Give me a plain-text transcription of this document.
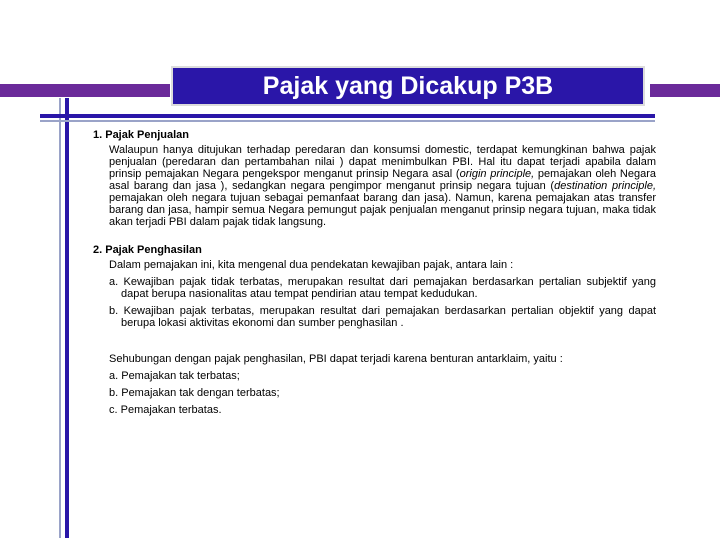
Pajak yang Dicakup P3B
1. Pajak Penjualan
Walaupun hanya ditujukan terhadap peredaran dan konsumsi domestic, terdapat kemungkinan bahwa pajak penjualan (peredaran dan pertambahan nilai ) dapat menimbulkan PBI. Hal itu dapat terjadi apabila dalam prinsip pemajakan Negara pengekspor menganut prinsip Negara asal (origin principle, pemajakan oleh Negara asal barang dan jasa ), sedangkan negara pengimpor menganut prinsip negara tujuan (destination principle, pemajakan oleh negara tujuan sebagai pemanfaat barang dan jasa). Namun, karena pemajakan atas transfer barang dan jasa, hampir semua Negara pemungut pajak penjualan menganut prinsip negara tujuan, maka tidak akan terjadi PBI dalam pajak tidak langsung.
2. Pajak Penghasilan
Dalam pemajakan ini, kita mengenal dua pendekatan kewajiban pajak, antara lain :
a. Kewajiban pajak tidak terbatas, merupakan resultat dari pemajakan berdasarkan pertalian subjektif yang dapat berupa nasionalitas atau tempat pendirian atau tempat kedudukan.
b. Kewajiban pajak terbatas, merupakan resultat dari pemajakan berdasarkan pertalian objektif yang dapat berupa lokasi aktivitas ekonomi dan sumber penghasilan .
Sehubungan dengan pajak penghasilan, PBI dapat terjadi karena benturan antarklaim, yaitu :
a. Pemajakan tak terbatas;
b. Pemajakan tak dengan terbatas;
c. Pemajakan terbatas.
